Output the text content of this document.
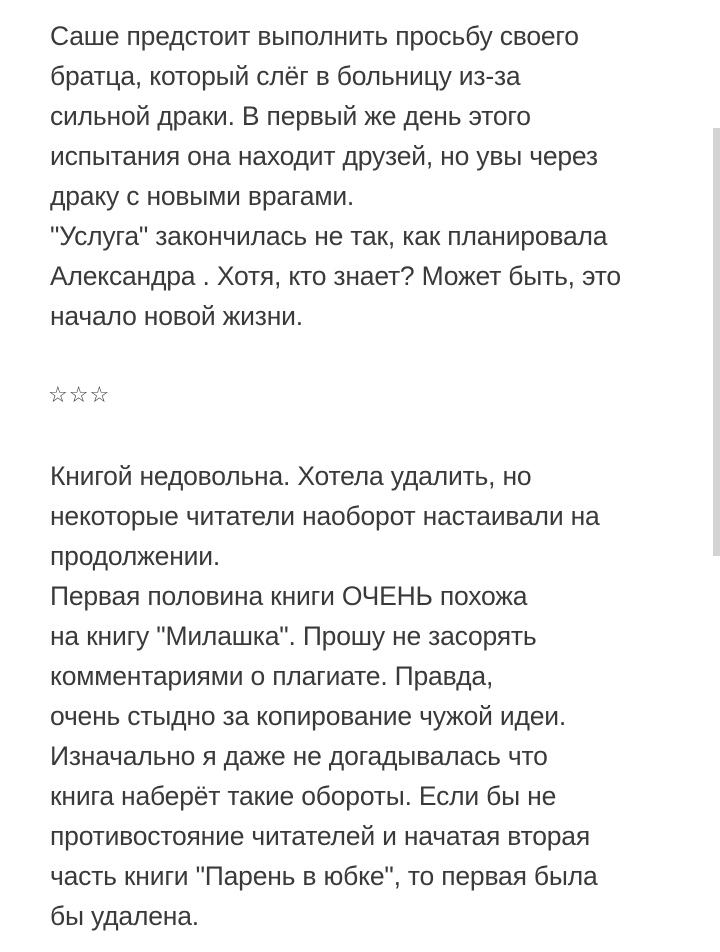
Саше предстоит выполнить просьбу своего
братца, который слёг в больницу из-за
сильной драки. В первый же день этого
испытания она находит друзей, но увы через
драку с новыми врагами.
"Услуга" закончилась не так, как планировала
Александра . Хотя, кто знает? Может быть, это
начало новой жизни.
☆☆☆
Книгой недовольна. Хотела удалить, но
некоторые читатели наоборот настаивали на
продолжении.
Первая половина книги ОЧЕНЬ похожа
на книгу "Милашка". Прошу не засорять
комментариями о плагиате. Правда,
очень стыдно за копирование чужой идеи.
Изначально я даже не догадывалась что
книга наберёт такие обороты. Если бы не
противостояние читателей и начатая вторая
часть книги "Парень в юбке", то первая была
бы удалена.
